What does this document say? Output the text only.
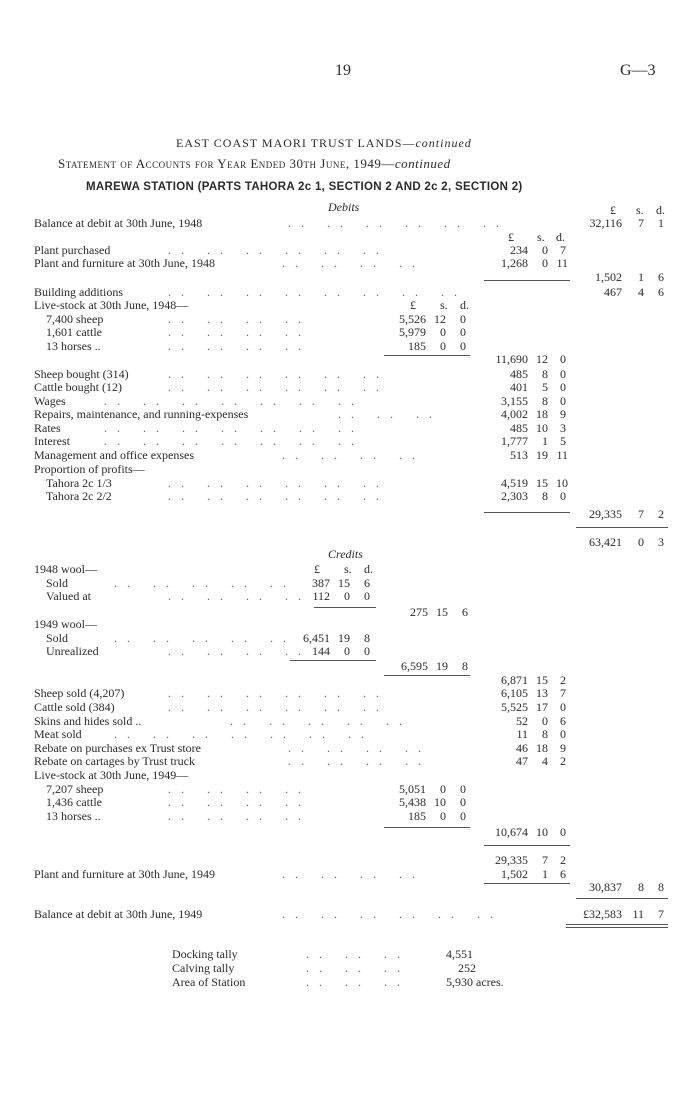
19	G—3
EAST COAST MAORI TRUST LANDS—continued
Statement of Accounts for Year Ended 30th June, 1949—continued
MAREWA STATION (PARTS TAHORA 2c 1, SECTION 2 AND 2c 2, SECTION 2)
Debits	£ s. d.
Balance at debit at 30th June, 1948	.. .. .. .. .. ..	32,116	7	1
£ s. d.
Plant purchased	.. .. .. .. .. ..	234	0	7
Plant and furniture at 30th June, 1948	.. .. .. ..	1,268	0 11
1,502	1	6
Building additions	.. .. .. .. .. .. .. ..	467	4	6
Live-stock at 30th June, 1948—	£ s. d.
7,400 sheep	.. .. .. ..	5,526 12	0
1,601 cattle	.. .. .. ..	5,979	0	0
13 horses ..	.. .. .. ..	185	0	0
11,690 12	0
Sheep bought (314)	.. .. .. .. .. ..	485	8	0
Cattle bought (12)	.. .. .. .. .. ..	401	5	0
Wages	.. .. .. .. .. .. ..	3,155	8	0
Repairs, maintenance, and running-expenses	.. .. ..	4,002 18	9
Rates	.. .. .. .. .. .. ..	485 10	3
Interest	.. .. .. .. .. .. ..	1,777	1	5
Management and office expenses	.. .. .. ..	513 19 11
Proportion of profits—
Tahora 2c 1/3	.. .. .. .. .. ..	4,519 15 10
Tahora 2c 2/2	.. .. .. .. .. ..	2,303	8	0
29,335	7	2
63,421	0	3
Credits
1948 wool—	£ s. d.
Sold	.. .. .. .. ..	387 15	6
Valued at	.. .. .. .. 112	0	0
275 15	6
1949 wool—
Sold	.. .. .. .. .. 6,451 19	8
Unrealized	.. .. .. .. 144	0	0
6,595 19	8
6,871 15	2
Sheep sold (4,207)	.. .. .. .. .. ..	6,105 13	7
Cattle sold (384)	.. .. .. .. .. ..	5,525 17	0
Skins and hides sold ..	.. .. .. .. ..	52	0	6
Meat sold	.. .. .. .. .. .. ..	11	8	0
Rebate on purchases ex Trust store	.. .. .. ..	46 18	9
Rebate on cartages by Trust truck	.. .. .. ..	47	4	2
Live-stock at 30th June, 1949—
7,207 sheep	.. .. .. ..	5,051	0	0
1,436 cattle	.. .. .. ..	5,438 10	0
13 horses ..	.. .. .. ..	185	0	0
10,674 10	0
29,335	7	2
Plant and furniture at 30th June, 1949	.. .. .. ..	1,502	1	6
30,837	8	8
Balance at debit at 30th June, 1949	.. .. .. .. .. ..	£32,583 11	7
Docking tally	.. .. ..	4,551
Calving tally	.. .. ..	252
Area of Station	.. .. ..	5,930 acres.
